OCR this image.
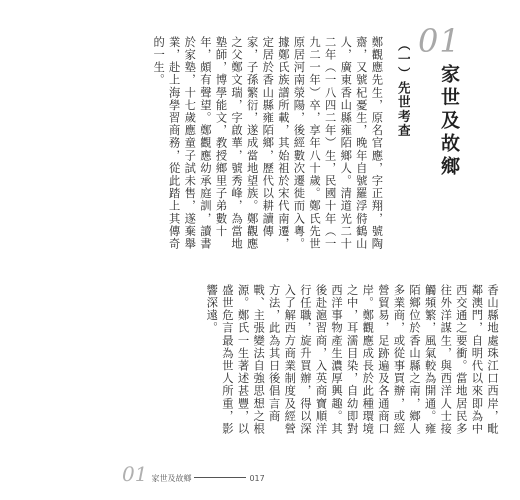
01
家世及故鄉
（一）先世考查

鄭觀應先生，原名官應，字正翔，號陶齋，又號杞憂生，晚年自號羅浮偫鶴山人，廣東香山縣雍陌鄉人。清道光二十二年（一八四二年）生，民國十年（一九二一年）卒，享年八十歲。鄭氏先世原居河南滎陽，後經數次遷徙而入粵。據鄭氏族譜所載，其始祖於宋代南遷，定居於香山縣雍陌鄉，歷代以耕讀傳家，子孫繁衍，遂成當地望族。鄭觀應之父鄭文瑞，字啟華，號秀峰，為當地塾師，博學能文，教授鄉里子弟數十年，頗有聲望。鄭觀應幼承庭訓，讀書於家塾，十七歲應童子試未售，遂棄舉業，赴上海學習商務，從此踏上其傳奇的一生。

香山縣地處珠江口西岸，毗鄰澳門，自明代以來即為中西交通之要衝。當地居民多往外洋謀生，與西洋人士接觸頻繁，風氣較為開通。雍陌鄉位於香山縣之南，鄉人多業商，或從事買辦，或經營貿易，足跡遍及各通商口岸。鄭觀應成長於此種環境之中，耳濡目染，自幼即對西洋事物產生濃厚興趣。其後赴滬習商，入英商寶順洋行任職，旋升買辦，得以深入了解西方商業制度及經營方法，此為其日後倡言商戰、主張變法自強思想之根源。鄭氏一生著述甚豐，以盛世危言最為世人所重，影響深遠。

01 家世及故鄉	017
